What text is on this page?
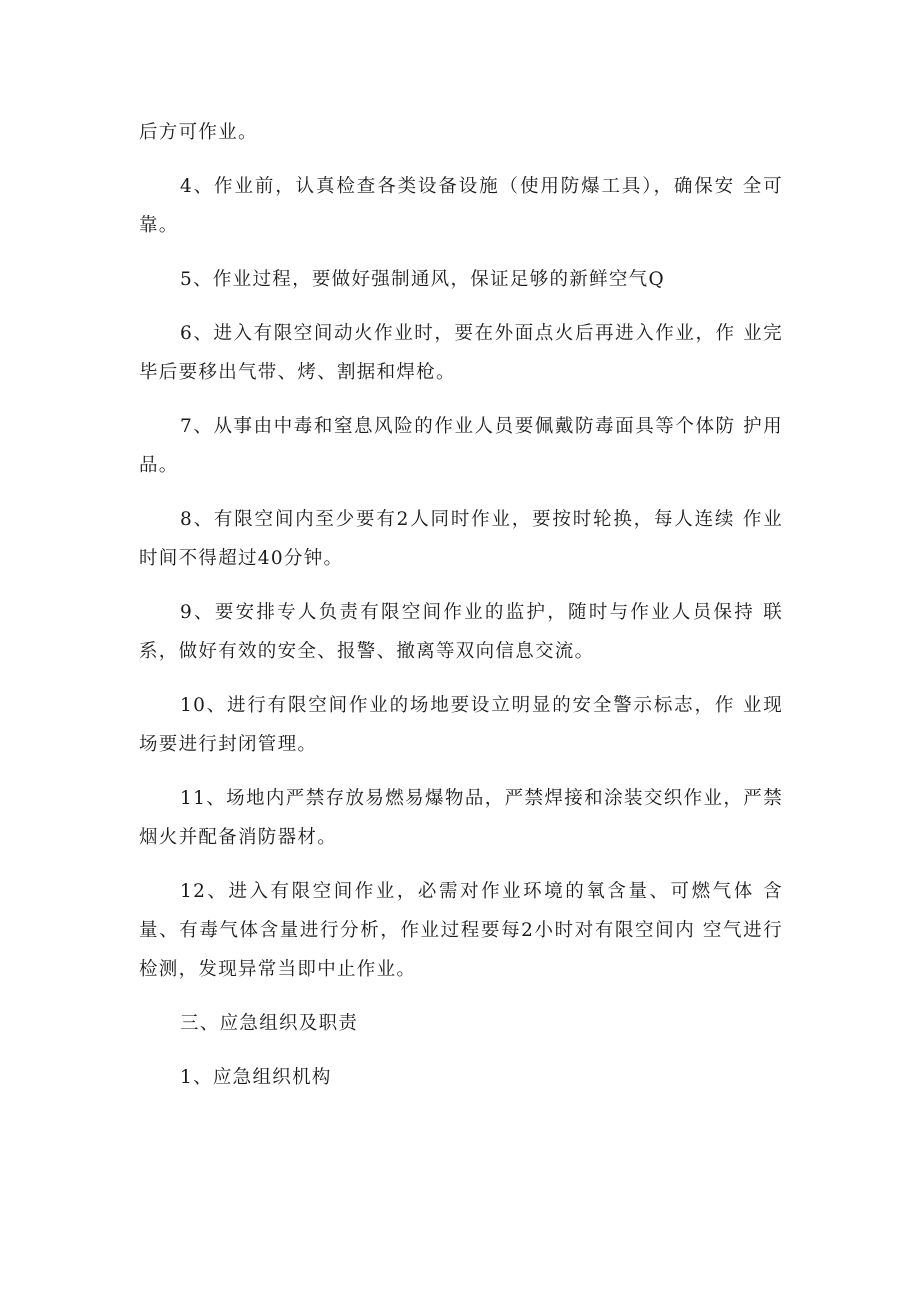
后方可作业。

4、作业前，认真检查各类设备设施（使用防爆工具），确保安 全可靠。

5、作业过程，要做好强制通风，保证足够的新鲜空气Q

6、进入有限空间动火作业时，要在外面点火后再进入作业，作 业完毕后要移出气带、烤、割据和焊枪。

7、从事由中毒和窒息风险的作业人员要佩戴防毒面具等个体防 护用品。

8、有限空间内至少要有2人同时作业，要按时轮换，每人连续 作业时间不得超过40分钟。

9、要安排专人负责有限空间作业的监护，随时与作业人员保持 联系，做好有效的安全、报警、撤离等双向信息交流。

10、进行有限空间作业的场地要设立明显的安全警示标志，作 业现场要进行封闭管理。

11、场地内严禁存放易燃易爆物品，严禁焊接和涂装交织作业，严禁烟火并配备消防器材。

12、进入有限空间作业，必需对作业环境的氧含量、可燃气体 含量、有毒气体含量进行分析，作业过程要每2小时对有限空间内 空气进行检测，发现异常当即中止作业。

三、应急组织及职责

1、应急组织机构
